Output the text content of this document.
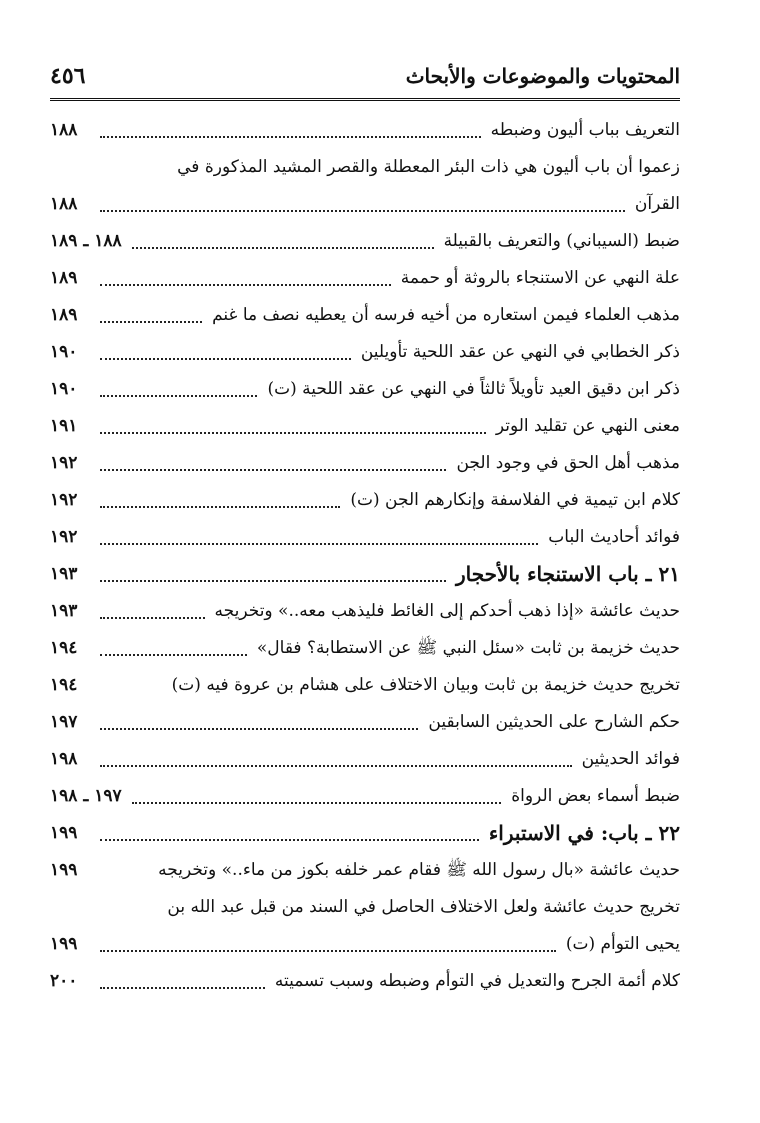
المحتويات والموضوعات والأبحاث
٤٥٦
التعريف بباب أليون وضبطه
١٨٨
زعموا أن باب أليون هي ذات البئر المعطلة والقصر المشيد المذكورة في
القرآن
١٨٨
ضبط (السيباني) والتعريف بالقبيلة
١٨٨ ـ ١٨٩
علة النهي عن الاستنجاء بالروثة أو حممة
١٨٩
مذهب العلماء فيمن استعاره من أخيه فرسه أن يعطيه نصف ما غنم
١٨٩
ذكر الخطابي في النهي عن عقد اللحية تأويلين
١٩٠
ذكر ابن دقيق العيد تأويلاً ثالثاً في النهي عن عقد اللحية (ت)
١٩٠
معنى النهي عن تقليد الوتر
١٩١
مذهب أهل الحق في وجود الجن
١٩٢
كلام ابن تيمية في الفلاسفة وإنكارهم الجن (ت)
١٩٢
فوائد أحاديث الباب
١٩٢
٢١ ـ باب الاستنجاء بالأحجار
١٩٣
حديث عائشة «إذا ذهب أحدكم إلى الغائط فليذهب معه..» وتخريجه
١٩٣
حديث خزيمة بن ثابت «سئل النبي ﷺ عن الاستطابة؟ فقال»
١٩٤
تخريج حديث خزيمة بن ثابت وبيان الاختلاف على هشام بن عروة فيه (ت)
١٩٤
حكم الشارح على الحديثين السابقين
١٩٧
فوائد الحديثين
١٩٨
ضبط أسماء بعض الرواة
١٩٧ ـ ١٩٨
٢٢ ـ باب: في الاستبراء
١٩٩
حديث عائشة «بال رسول الله ﷺ فقام عمر خلفه بكوز من ماء..» وتخريجه
١٩٩
تخريج حديث عائشة ولعل الاختلاف الحاصل في السند من قبل عبد الله بن
يحيى التوأم (ت)
١٩٩
كلام أئمة الجرح والتعديل في التوأم وضبطه وسبب تسميته
٢٠٠
